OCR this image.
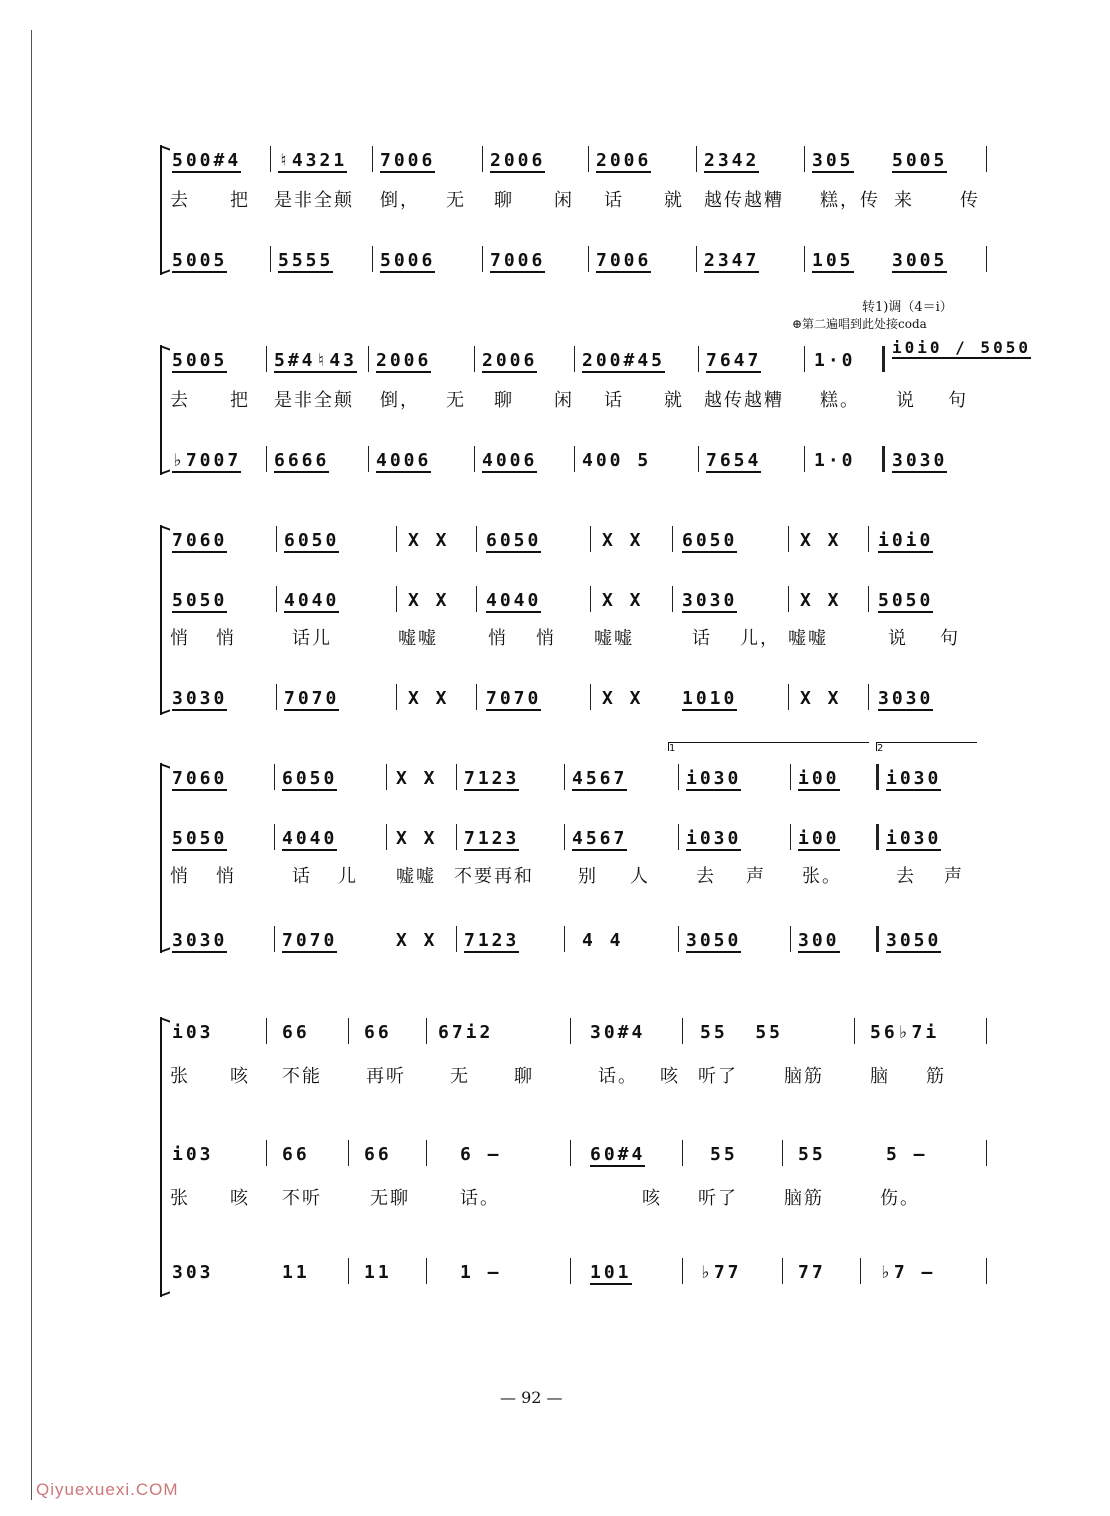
500#4 ♮4321 7006	2006	2006	2342	305 5005
去 把 是非全颠 倒， 无 聊 闲 话 就 越传越糟 糕，传 来	传
5005	5555	5006	7006	7006	2347	105 3005
转1)调（4＝i）
⊕第二遍唱到此处接coda
5005	5#4♮43 2006	2006 200#45 7647	1·0
i0i0 / 5050
去 把 是非全颠 倒， 无 聊 闲 话 就 越传越糟 糕。 说 句
♭7007 6666	4006	4006 400 5	7654	1·0 3030
7060	6050	X X 6050	X X 6050	X X i0i0
5050	4040	X X 4040	X X 3030	X X 5050
悄 悄	话儿	嘘嘘	悄 悄 嘘嘘	话 儿， 嘘嘘	说 句
3030	7070	X X 7070	X X 1010	X X 3030
1	2
7060	6050	X X 7123	4567	i030	i00	i030
5050	4040	X X 7123	4567	i030	i00	i030
悄 悄	话 儿 嘘嘘 不要再和 别 人	去 声 张。	去 声
3030	7070	X X 7123	4 4	3050	300	3050
i03	66	66	67i2	30#4	55  55	56♭7i
张 咳 不能 再听 无 聊	话。 咳 听了	脑筋	脑 筋
i03	66	66	6 –	60#4	55	55	5 –
张 咳 不听	无聊	话。	咳 听了	脑筋	伤。
303	11	11	1 –	101	♭77	77	♭7 –
— 92 —
Qiyuexuexi.COM
